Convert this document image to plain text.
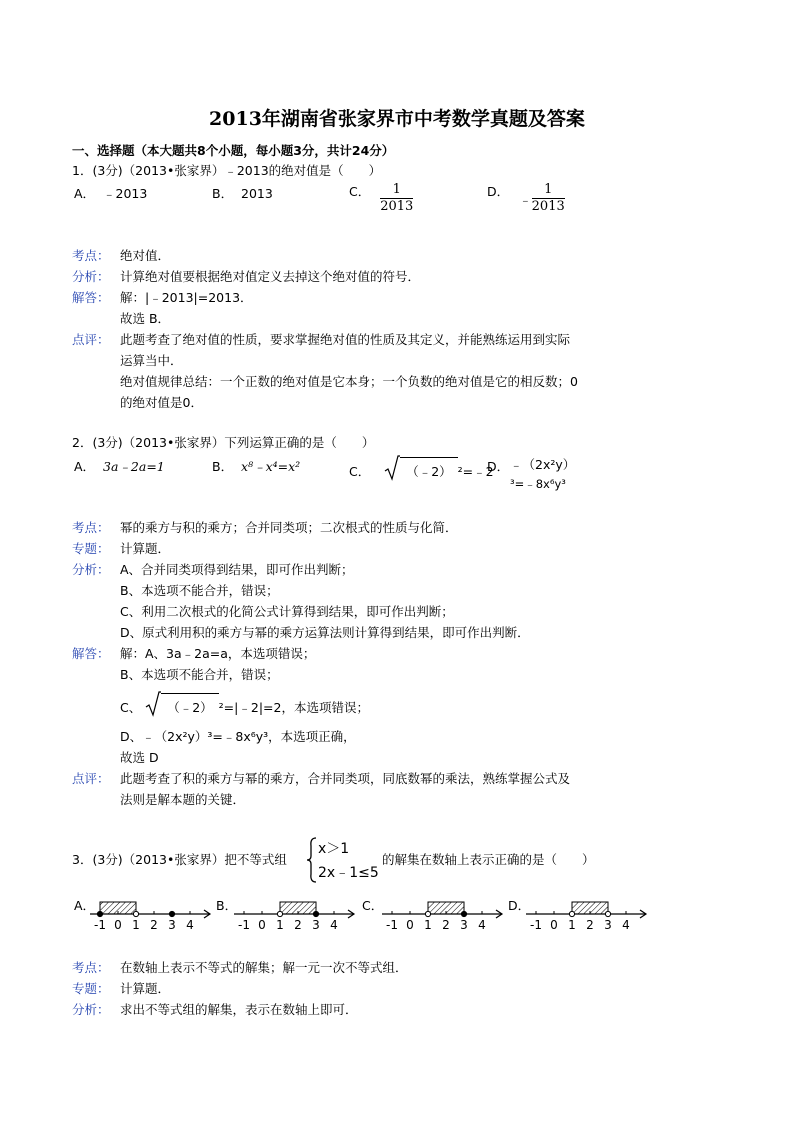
2013年湖南省张家界市中考数学真题及答案
一、选择题（本大题共8个小题，每小题3分，共计24分）
1．(3分)（2013•张家界）﹣2013的绝对值是（　　）
A． ﹣2013	B． 2013	C． $\frac{1}{2013}$	D． ﹣ $\frac{1}{2013}$
考点： 绝对值．
分析： 计算绝对值要根据绝对值定义去掉这个绝对值的符号．
解答： 解：|﹣2013|=2013．
故选 B．
点评： 此题考查了绝对值的性质，要求掌握绝对值的性质及其定义，并能熟练运用到实际
运算当中．
绝对值规律总结：一个正数的绝对值是它本身；一个负数的绝对值是它的相反数；0
的绝对值是0．
2．(3分)（2013•张家界）下列运算正确的是（　　）
A． 3a﹣2a=1	B． x⁸﹣x⁴=x²	C．	（﹣2） ²=﹣2
D． ﹣（2x²y）
³=﹣8x⁶y³
考点： 幂的乘方与积的乘方；合并同类项；二次根式的性质与化简．
专题： 计算题．
分析： A、合并同类项得到结果，即可作出判断；
B、本选项不能合并，错误；
C、利用二次根式的化简公式计算得到结果，即可作出判断；
D、原式利用积的乘方与幂的乘方运算法则计算得到结果，即可作出判断．
解答： 解：A、3a﹣2a=a，本选项错误；
B、本选项不能合并，错误；
C、 （﹣2） ²=|﹣2|=2，本选项错误；
D、﹣（2x²y）³=﹣8x⁶y³，本选项正确，
故选 D
点评： 此题考查了积的乘方与幂的乘方，合并同类项，同底数幂的乘法，熟练掌握公式及
法则是解本题的关键．
3．(3分)（2013•张家界）把不等式组
x＞1
2x﹣1≤5
的解集在数轴上表示正确的是（　　）
A．	B．	C．	D．
-1 0 1 2 3 4	-1 0 1 2 3 4	-1 0 1 2 3 4	-1 0 1 2 3 4
考点： 在数轴上表示不等式的解集；解一元一次不等式组．
专题： 计算题．
分析： 求出不等式组的解集，表示在数轴上即可．
